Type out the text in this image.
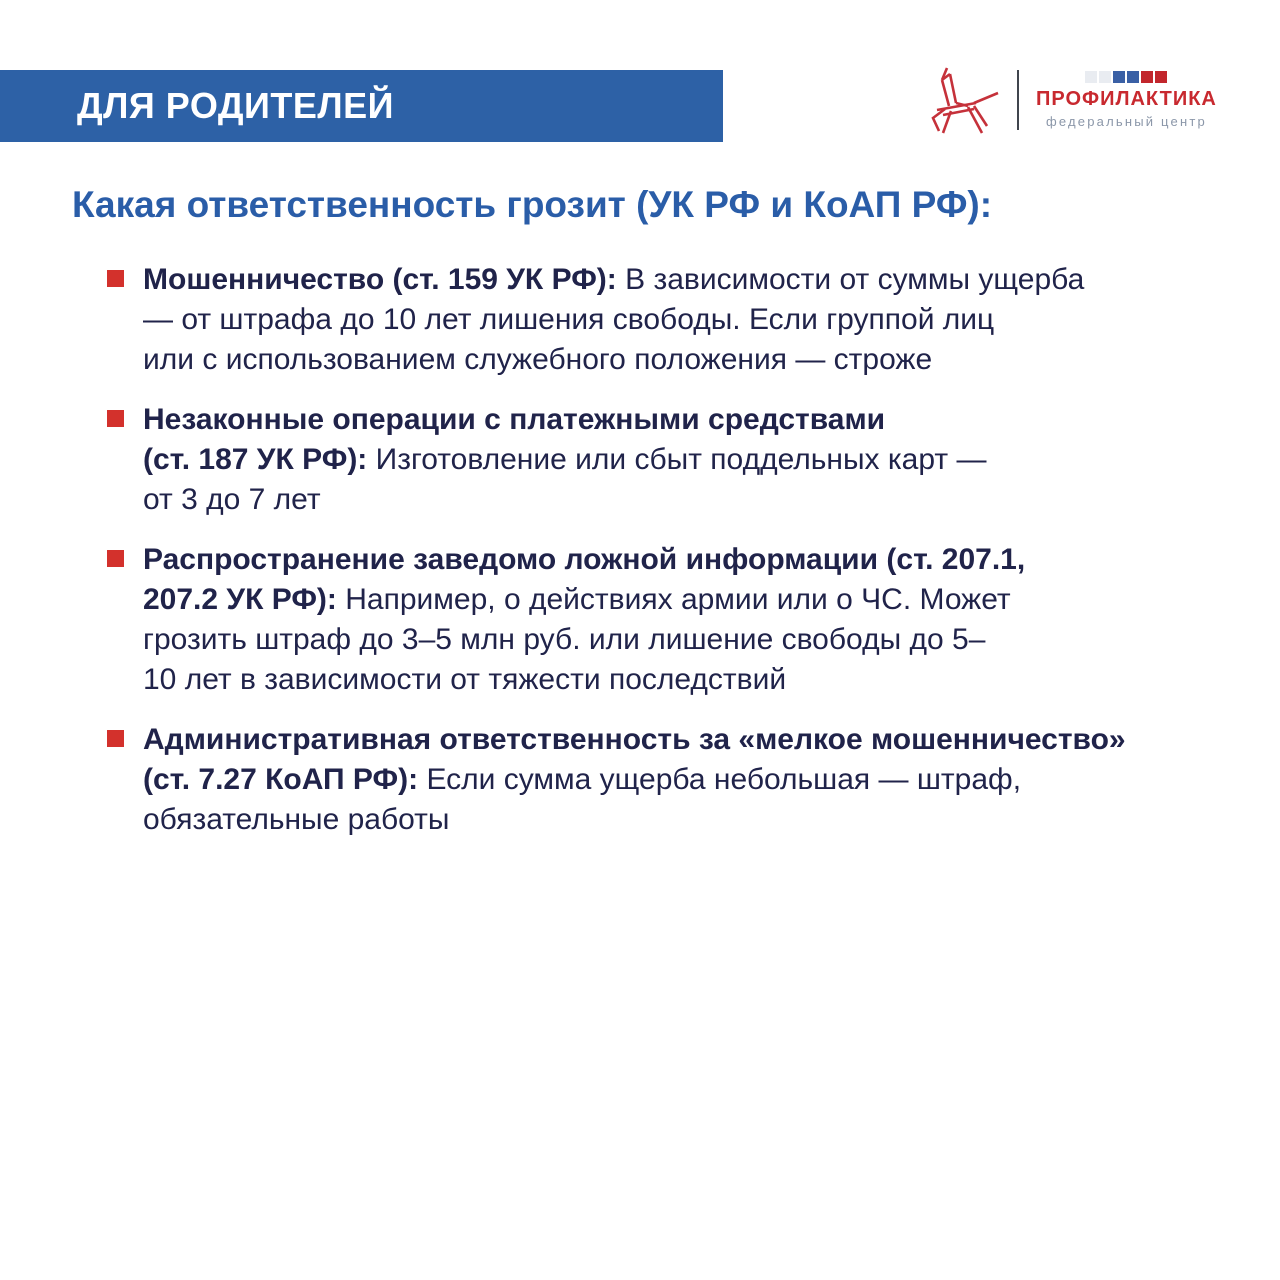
ДЛЯ РОДИТЕЛЕЙ	ПРОФИЛАКТИКА
федеральный центр
Какая ответственность грозит (УК РФ и КоАП РФ):
Мошенничество (ст. 159 УК РФ): В зависимости от суммы ущерба
— от штрафа до 10 лет лишения свободы. Если группой лиц
или с использованием служебного положения — строже
Незаконные операции с платежными средствами
(ст. 187 УК РФ): Изготовление или сбыт поддельных карт —
от 3 до 7 лет
Распространение заведомо ложной информации (ст. 207.1,
207.2 УК РФ): Например, о действиях армии или о ЧС. Может
грозить штраф до 3–5 млн руб. или лишение свободы до 5–
10 лет в зависимости от тяжести последствий
Административная ответственность за «мелкое мошенничество»
(ст. 7.27 КоАП РФ): Если сумма ущерба небольшая — штраф,
обязательные работы
